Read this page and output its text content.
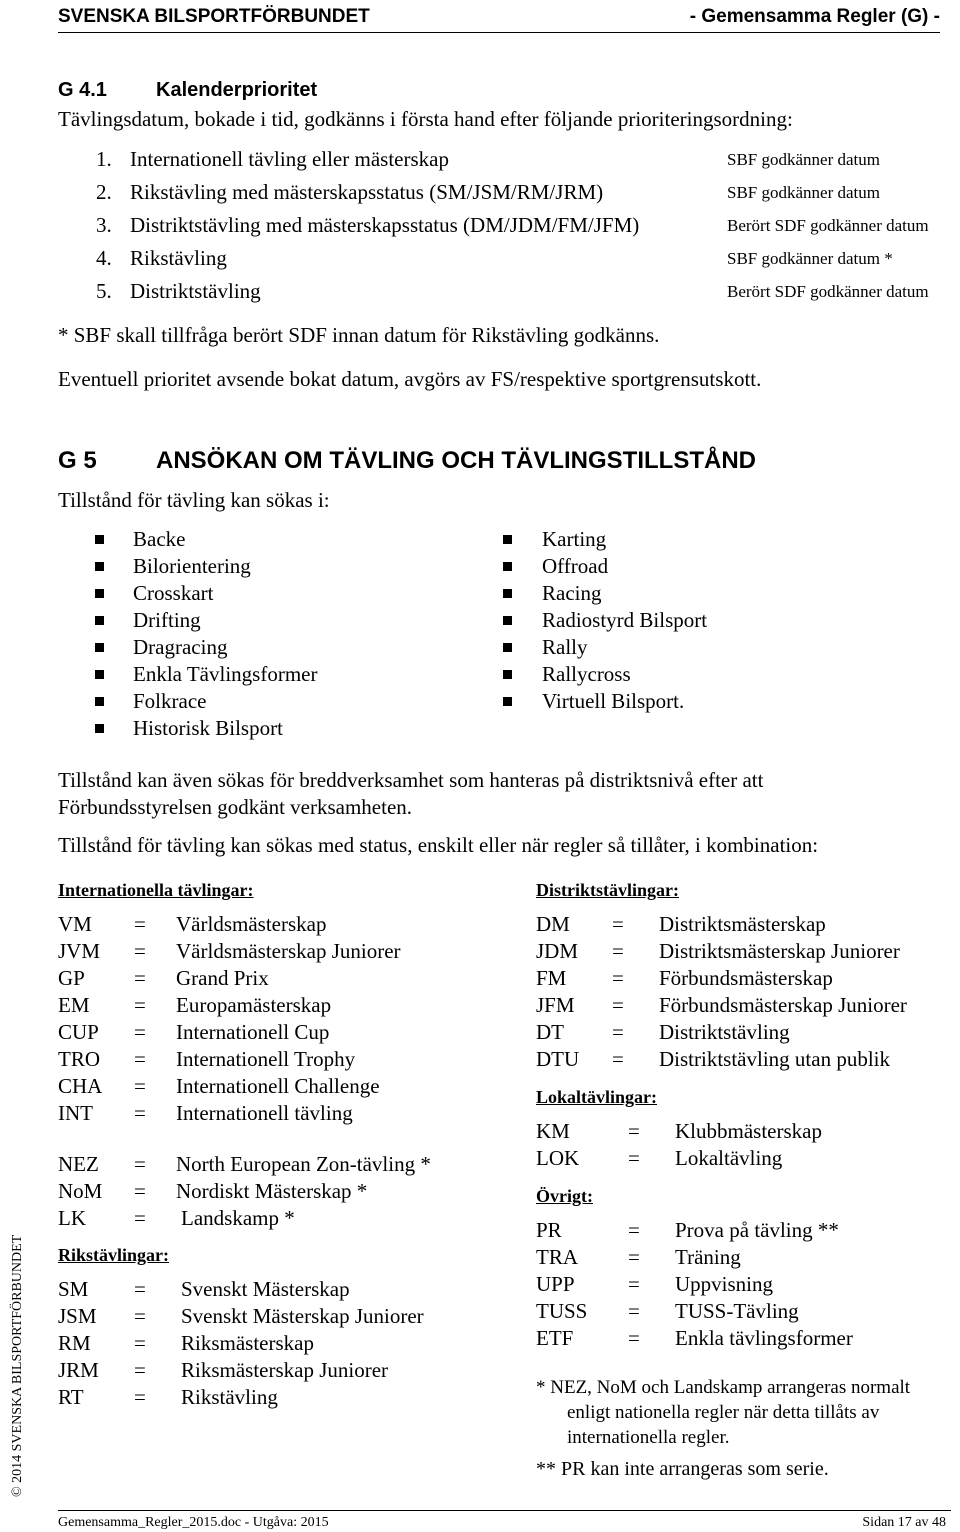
SVENSKA BILSPORTFÖRBUNDET	- Gemensamma Regler (G) -
G 4.1 Kalenderprioritet
Tävlingsdatum, bokade i tid, godkänns i första hand efter följande prioriteringsordning:
1. Internationell tävling eller mästerskap	SBF godkänner datum
2. Rikstävling med mästerskapsstatus (SM/JSM/RM/JRM)	SBF godkänner datum
3. Distriktstävling med mästerskapsstatus (DM/JDM/FM/JFM)	Berört SDF godkänner datum
4. Rikstävling	SBF godkänner datum *
5. Distriktstävling	Berört SDF godkänner datum
* SBF skall tillfråga berört SDF innan datum för Rikstävling godkänns.
Eventuell prioritet avsende bokat datum, avgörs av FS/respektive sportgrensutskott.
G 5 ANSÖKAN OM TÄVLING OCH TÄVLINGSTILLSTÅND
Tillstånd för tävling kan sökas i:
Backe
Bilorientering
Crosskart
Drifting
Dragracing
Enkla Tävlingsformer
Folkrace
Historisk Bilsport
Karting
Offroad
Racing
Radiostyrd Bilsport
Rally
Rallycross
Virtuell Bilsport.
Tillstånd kan även sökas för breddverksamhet som hanteras på distriktsnivå efter att
Förbundsstyrelsen godkänt verksamheten.
Tillstånd för tävling kan sökas med status, enskilt eller när regler så tillåter, i kombination:
Internationella tävlingar:
VM = Världsmästerskap
JVM = Världsmästerskap Juniorer
GP = Grand Prix
EM = Europamästerskap
CUP = Internationell Cup
TRO = Internationell Trophy
CHA = Internationell Challenge
INT = Internationell tävling
NEZ = North European Zon-tävling *
NoM = Nordiskt Mästerskap *
LK = Landskamp *
Rikstävlingar:
SM = Svenskt Mästerskap
JSM = Svenskt Mästerskap Juniorer
RM = Riksmästerskap
JRM = Riksmästerskap Juniorer
RT = Rikstävling
Distriktstävlingar:
DM = Distriktsmästerskap
JDM = Distriktsmästerskap Juniorer
FM = Förbundsmästerskap
JFM = Förbundsmästerskap Juniorer
DT = Distriktstävling
DTU = Distriktstävling utan publik
Lokaltävlingar:
KM	= Klubbmästerskap
LOK = Lokaltävling
Övrigt:
PR	= Prova på tävling **
TRA = Träning
UPP	= Uppvisning
TUSS = TUSS-Tävling
ETF	= Enkla tävlingsformer
* NEZ, NoM och Landskamp arrangeras normalt
enligt nationella regler när detta tillåts av
internationella regler.
** PR kan inte arrangeras som serie.
© 2014 SVENSKA BILSPORTFÖRBUNDET
Gemensamma_Regler_2015.doc - Utgåva: 2015	Sidan 17 av 48
